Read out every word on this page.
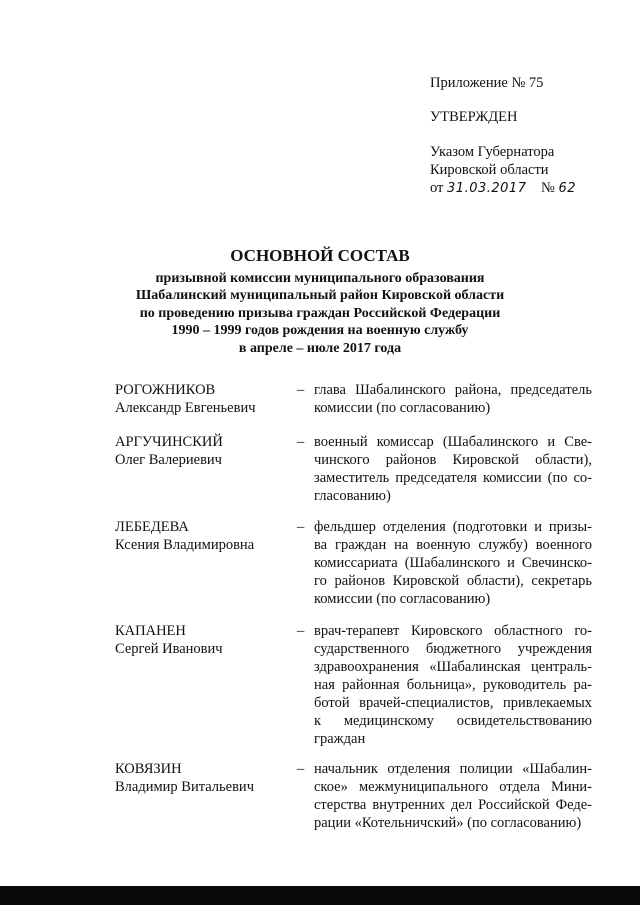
Приложение № 75
УТВЕРЖДЕН
Указом Губернатора
Кировской области
от 31.03.2017 № 62
ОСНОВНОЙ СОСТАВ
призывной комиссии муниципального образования
Шабалинский муниципальный район Кировской области
по проведению призыва граждан Российской Федерации
1990 – 1999 годов рождения на военную службу
в апреле – июле 2017 года
РОГОЖНИКОВ
Александр Евгеньевич
– глава Шабалинского района, председатель
комиссии (по согласованию)
АРГУЧИНСКИЙ
Олег Валериевич
– военный комиссар (Шабалинского и Све-
чинского районов Кировской области),
заместитель председателя комиссии (по со-
гласованию)
ЛЕБЕДЕВА
Ксения Владимировна
– фельдшер отделения (подготовки и призы-
ва граждан на военную службу) военного
комиссариата (Шабалинского и Свечинско-
го районов Кировской области), секретарь
комиссии (по согласованию)
КАПАНЕН
Сергей Иванович
– врач-терапевт Кировского областного го-
сударственного бюджетного учреждения
здравоохранения «Шабалинская централь-
ная районная больница», руководитель ра-
ботой врачей-специалистов, привлекаемых
к медицинскому освидетельствованию
граждан
КОВЯЗИН
Владимир Витальевич
– начальник отделения полиции «Шабалин-
ское» межмуниципального отдела Мини-
стерства внутренних дел Российской Феде-
рации «Котельничский» (по согласованию)
